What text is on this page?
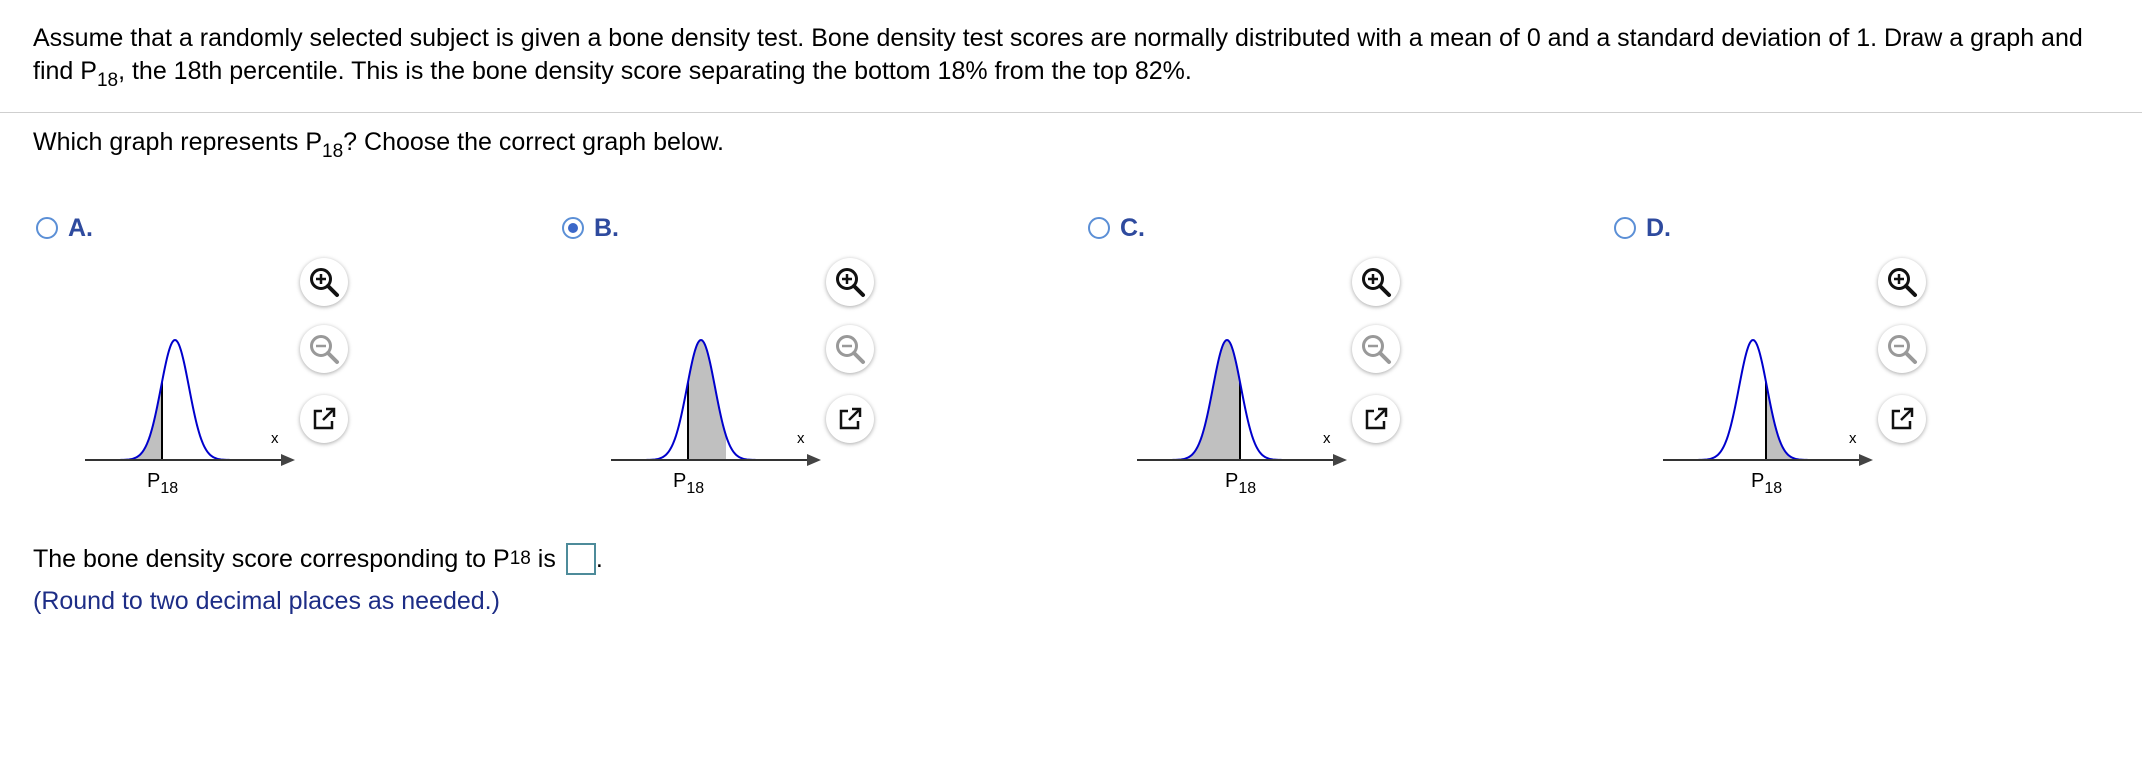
Assume that a randomly selected subject is given a bone density test. Bone density test scores are normally distributed with a mean of 0 and a standard deviation of 1. Draw a graph and find $P_{18}$, the 18th percentile. This is the bone density score separating the bottom 18% from the top 82%.
Which graph represents $P_{18}$? Choose the correct graph below.
A.	B.	C.	D.
x
$P_{18}$
x
$P_{18}$
x
$P_{18}$
x
$P_{18}$
The bone density score corresponding to P 18 is .
(Round to two decimal places as needed.)
